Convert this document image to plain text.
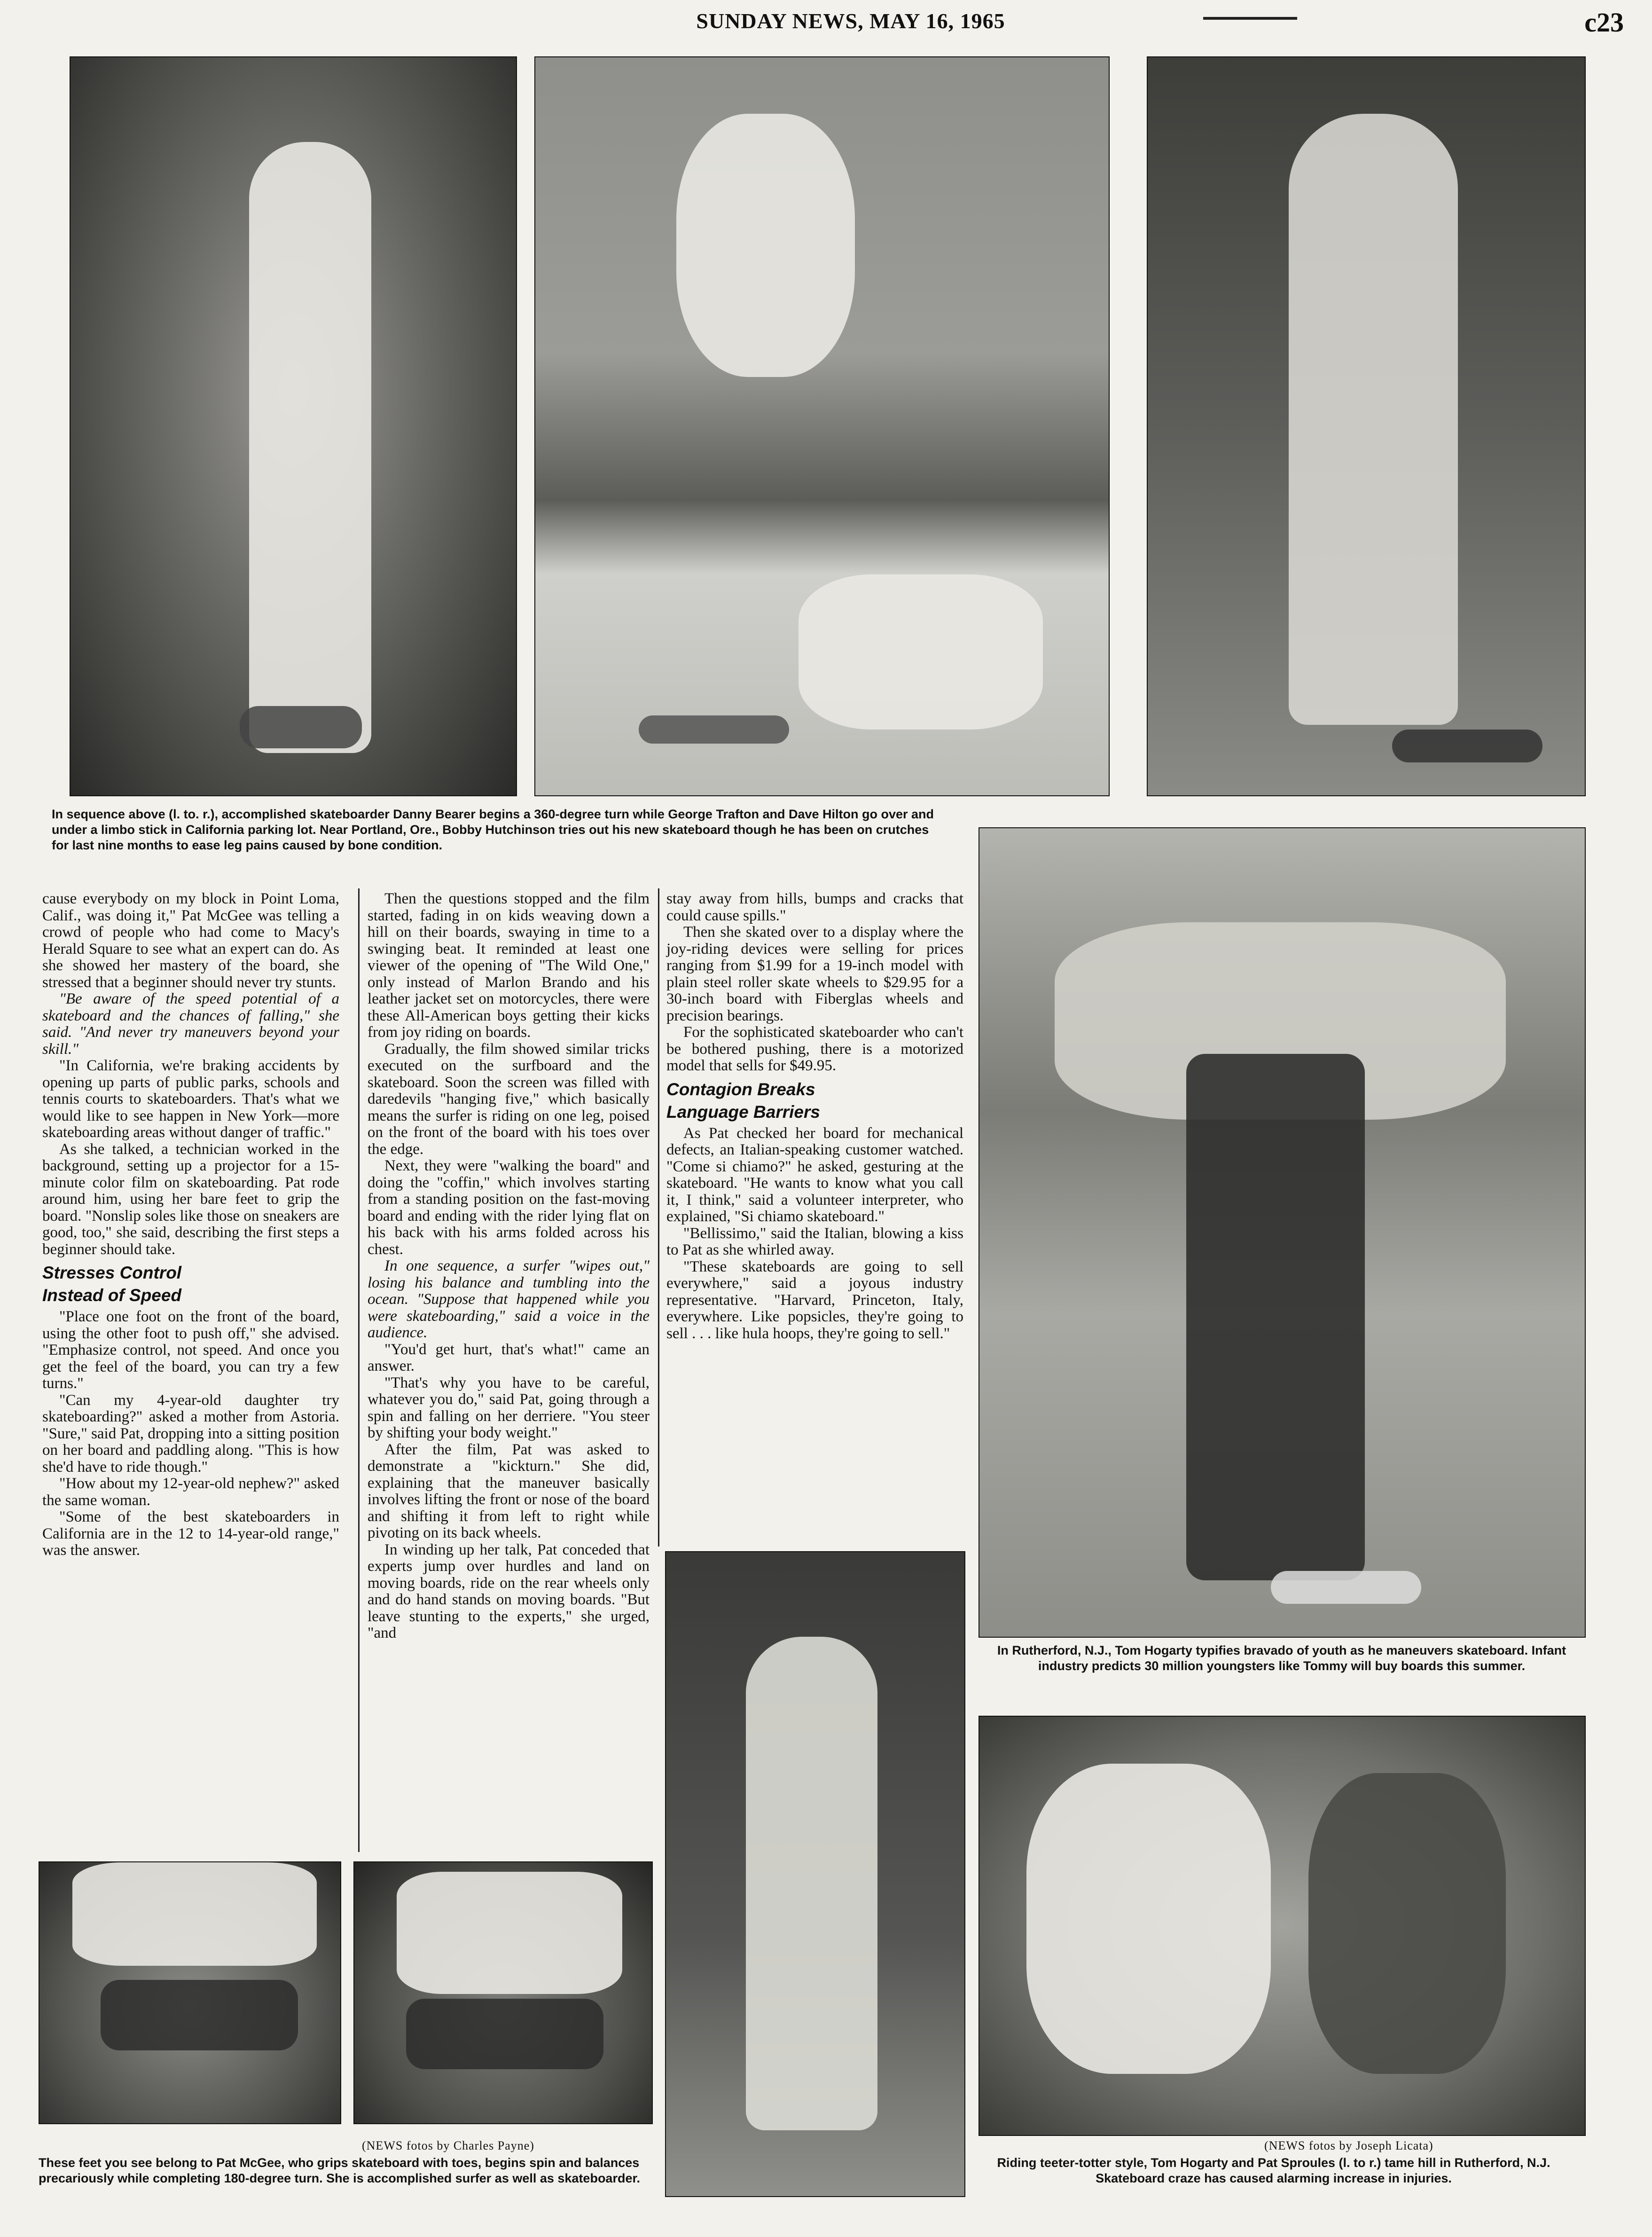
SUNDAY NEWS, MAY 16, 1965	c23
In sequence above (l. to. r.), accomplished skateboarder Danny Bearer begins a 360-degree turn while George Trafton and Dave Hilton go over and under a limbo stick in California parking lot. Near Portland, Ore., Bobby Hutchinson tries out his new skateboard though he has been on crutches for last nine months to ease leg pains caused by bone condition.
In Rutherford, N.J., Tom Hogarty typifies bravado of youth as he maneuvers skateboard. Infant industry predicts 30 million youngsters like Tommy will buy boards this summer.
(NEWS fotos by Joseph Licata)
Riding teeter-totter style, Tom Hogarty and Pat Sproules (l. to r.) tame hill in Rutherford, N.J. Skateboard craze has caused alarming increase in injuries.
(NEWS fotos by Charles Payne)
These feet you see belong to Pat McGee, who grips skateboard with toes, begins spin and balances precariously while completing 180-degree turn. She is accomplished surfer as well as skateboarder.

cause everybody on my block in Point Loma, Calif., was doing it," Pat McGee was telling a crowd of people who had come to Macy's Herald Square to see what an expert can do. As she showed her mastery of the board, she stressed that a beginner should never try stunts.

"Be aware of the speed potential of a skateboard and the chances of falling," she said. "And never try maneuvers beyond your skill."

"In California, we're braking accidents by opening up parts of public parks, schools and tennis courts to skateboarders. That's what we would like to see happen in New York—more skateboarding areas without danger of traffic."

As she talked, a technician worked in the background, setting up a projector for a 15-minute color film on skateboarding. Pat rode around him, using her bare feet to grip the board. "Nonslip soles like those on sneakers are good, too," she said, describing the first steps a beginner should take.

Stresses Control
Instead of Speed

"Place one foot on the front of the board, using the other foot to push off," she advised. "Emphasize control, not speed. And once you get the feel of the board, you can try a few turns."

"Can my 4-year-old daughter try skateboarding?" asked a mother from Astoria. "Sure," said Pat, dropping into a sitting position on her board and paddling along. "This is how she'd have to ride though."

"How about my 12-year-old nephew?" asked the same woman.

"Some of the best skateboarders in California are in the 12 to 14-year-old range," was the answer.

Then the questions stopped and the film started, fading in on kids weaving down a hill on their boards, swaying in time to a swinging beat. It reminded at least one viewer of the opening of "The Wild One," only instead of Marlon Brando and his leather jacket set on motorcycles, there were these All-American boys getting their kicks from joy riding on boards.

Gradually, the film showed similar tricks executed on the surfboard and the skateboard. Soon the screen was filled with daredevils "hanging five," which basically means the surfer is riding on one leg, poised on the front of the board with his toes over the edge.

Next, they were "walking the board" and doing the "coffin," which involves starting from a standing position on the fast-moving board and ending with the rider lying flat on his back with his arms folded across his chest.

In one sequence, a surfer "wipes out," losing his balance and tumbling into the ocean. "Suppose that happened while you were skateboarding," said a voice in the audience.

"You'd get hurt, that's what!" came an answer.

"That's why you have to be careful, whatever you do," said Pat, going through a spin and falling on her derriere. "You steer by shifting your body weight."

After the film, Pat was asked to demonstrate a "kickturn." She did, explaining that the maneuver basically involves lifting the front or nose of the board and shifting it from left to right while pivoting on its back wheels.

In winding up her talk, Pat conceded that experts jump over hurdles and land on moving boards, ride on the rear wheels only and do hand stands on moving boards. "But leave stunting to the experts," she urged, "and

stay away from hills, bumps and cracks that could cause spills."

Then she skated over to a display where the joy-riding devices were selling for prices ranging from $1.99 for a 19-inch model with plain steel roller skate wheels to $29.95 for a 30-inch board with Fiberglas wheels and precision bearings.

For the sophisticated skateboarder who can't be bothered pushing, there is a motorized model that sells for $49.95.

Contagion Breaks
Language Barriers

As Pat checked her board for mechanical defects, an Italian-speaking customer watched. "Come si chiamo?" he asked, gesturing at the skateboard. "He wants to know what you call it, I think," said a volunteer interpreter, who explained, "Si chiamo skateboard."

"Bellissimo," said the Italian, blowing a kiss to Pat as she whirled away.

"These skateboards are going to sell everywhere," said a joyous industry representative. "Harvard, Princeton, Italy, everywhere. Like popsicles, they're going to sell . . . like hula hoops, they're going to sell."
